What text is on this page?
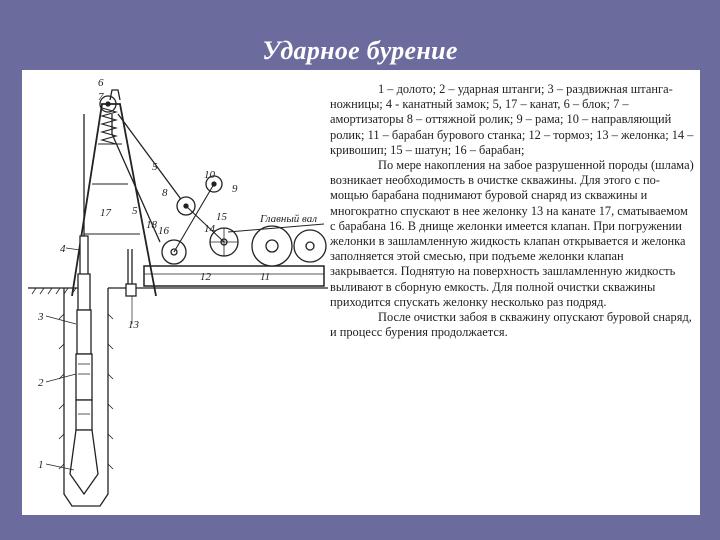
Ударное бурение
6
7
5
8
10
9
18
5
17
16
15
14
Главный вал
11
12
13
4
3
2
1

1 – долото; 2 – ударная штанги; 3 – раздвижная штанга-ножницы; 4 - канатный замок; 5, 17 – канат, 6 – блок; 7 – амортизаторы 8 – оттяжной ролик; 9 – рама; 10 – направляющий ролик; 11 – барабан бурового станка; 12 – тормоз; 13 – желонка; 14 – кривошип; 15 – шатун; 16 – барабан;

По мере накопления на забое разрушенной породы (шлама) возникает необходимость в очистке скважины. Для этого с по-мощью барабана поднимают буровой снаряд из скважины и многократно спускают в нее желонку 13 на канате 17, сматываемом с барабана 16. В днище желонки имеется клапан. При погружении желонки в зашламленную жидкость клапан открывается и желонка заполняется этой смесью, при подъеме желонки клапан закрывается. Поднятую на поверхность зашламленную жидкость выливают в сборную емкость. Для полной очистки скважины приходится спускать желонку несколько раз подряд.

После очистки забоя в скважину опускают буровой снаряд, и процесс бурения продолжается.
